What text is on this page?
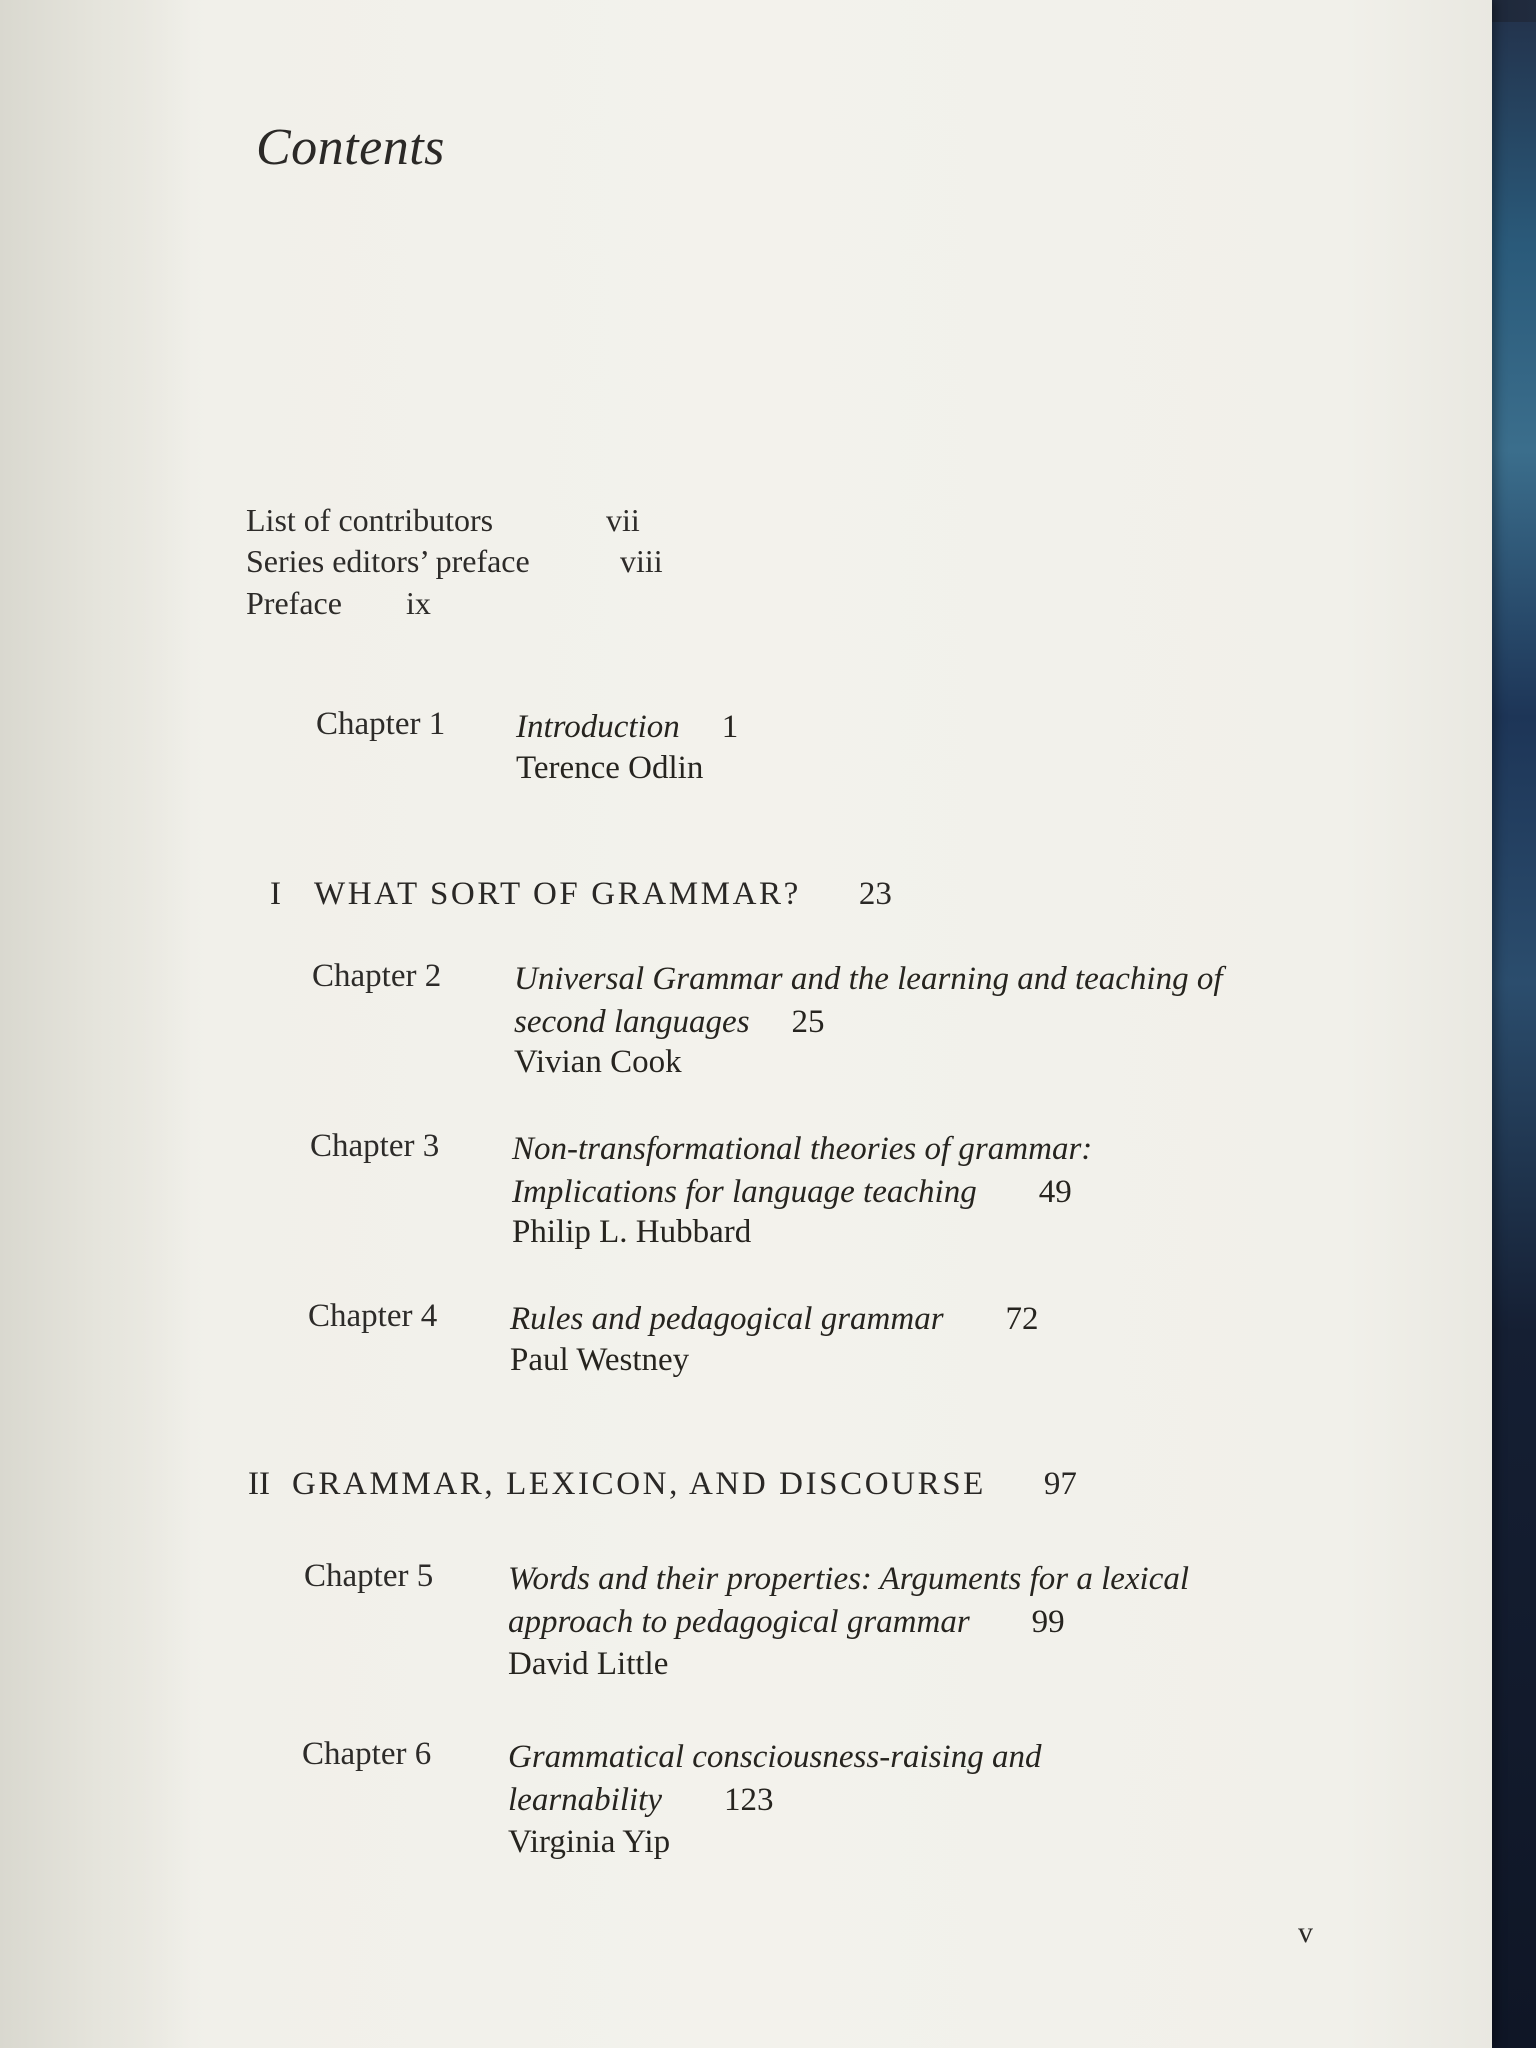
Contents
List of contributors	vii
Series editors’ preface	viii
Preface ix
Chapter 1 Introduction 1
Terence Odlin
I WHAT SORT OF GRAMMAR? 23
Chapter 2 Universal Grammar and the learning and teaching of
second languages 25
Vivian Cook
Chapter 3 Non-transformational theories of grammar:
Implications for language teaching 49
Philip L. Hubbard
Chapter 4 Rules and pedagogical grammar 72
Paul Westney
II GRAMMAR, LEXICON, AND DISCOURSE 97
Chapter 5 Words and their properties: Arguments for a lexical
approach to pedagogical grammar 99
David Little
Chapter 6 Grammatical consciousness-raising and
learnability 123
Virginia Yip
v
